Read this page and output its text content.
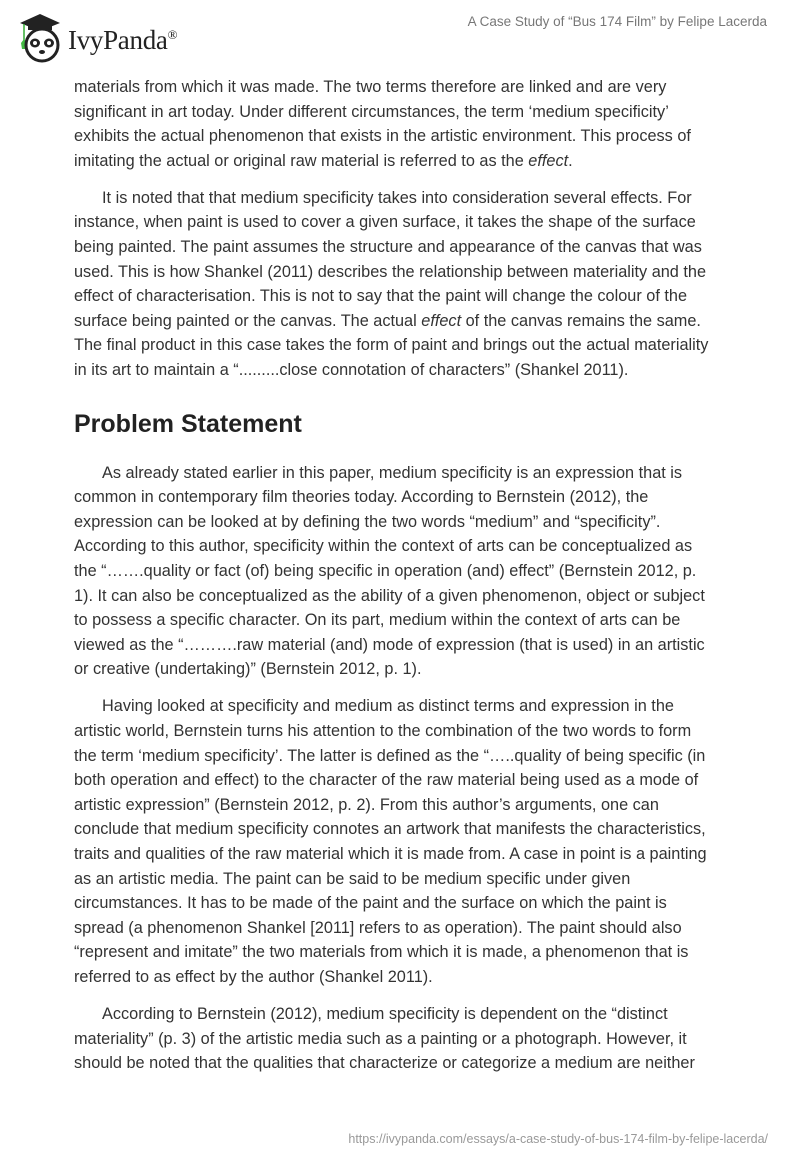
IvyPanda®
A Case Study of “Bus 174 Film” by Felipe Lacerda
materials from which it was made. The two terms therefore are linked and are very
significant in art today. Under different circumstances, the term ‘medium specificity’
exhibits the actual phenomenon that exists in the artistic environment. This process of
imitating the actual or original raw material is referred to as the effect.
It is noted that that medium specificity takes into consideration several effects. For
instance, when paint is used to cover a given surface, it takes the shape of the surface
being painted. The paint assumes the structure and appearance of the canvas that was
used. This is how Shankel (2011) describes the relationship between materiality and the
effect of characterisation. This is not to say that the paint will change the colour of the
surface being painted or the canvas. The actual effect of the canvas remains the same.
The final product in this case takes the form of paint and brings out the actual materiality
in its art to maintain a “.........close connotation of characters” (Shankel 2011).
Problem Statement
As already stated earlier in this paper, medium specificity is an expression that is
common in contemporary film theories today. According to Bernstein (2012), the
expression can be looked at by defining the two words “medium” and “specificity”.
According to this author, specificity within the context of arts can be conceptualized as
the “…….quality or fact (of) being specific in operation (and) effect” (Bernstein 2012, p.
1). It can also be conceptualized as the ability of a given phenomenon, object or subject
to possess a specific character. On its part, medium within the context of arts can be
viewed as the “……….raw material (and) mode of expression (that is used) in an artistic
or creative (undertaking)” (Bernstein 2012, p. 1).
Having looked at specificity and medium as distinct terms and expression in the
artistic world, Bernstein turns his attention to the combination of the two words to form
the term ‘medium specificity’. The latter is defined as the “…..quality of being specific (in
both operation and effect) to the character of the raw material being used as a mode of
artistic expression” (Bernstein 2012, p. 2). From this author’s arguments, one can
conclude that medium specificity connotes an artwork that manifests the characteristics,
traits and qualities of the raw material which it is made from. A case in point is a painting
as an artistic media. The paint can be said to be medium specific under given
circumstances. It has to be made of the paint and the surface on which the paint is
spread (a phenomenon Shankel [2011] refers to as operation). The paint should also
“represent and imitate” the two materials from which it is made, a phenomenon that is
referred to as effect by the author (Shankel 2011).
According to Bernstein (2012), medium specificity is dependent on the “distinct
materiality” (p. 3) of the artistic media such as a painting or a photograph. However, it
should be noted that the qualities that characterize or categorize a medium are neither
https://ivypanda.com/essays/a-case-study-of-bus-174-film-by-felipe-lacerda/
